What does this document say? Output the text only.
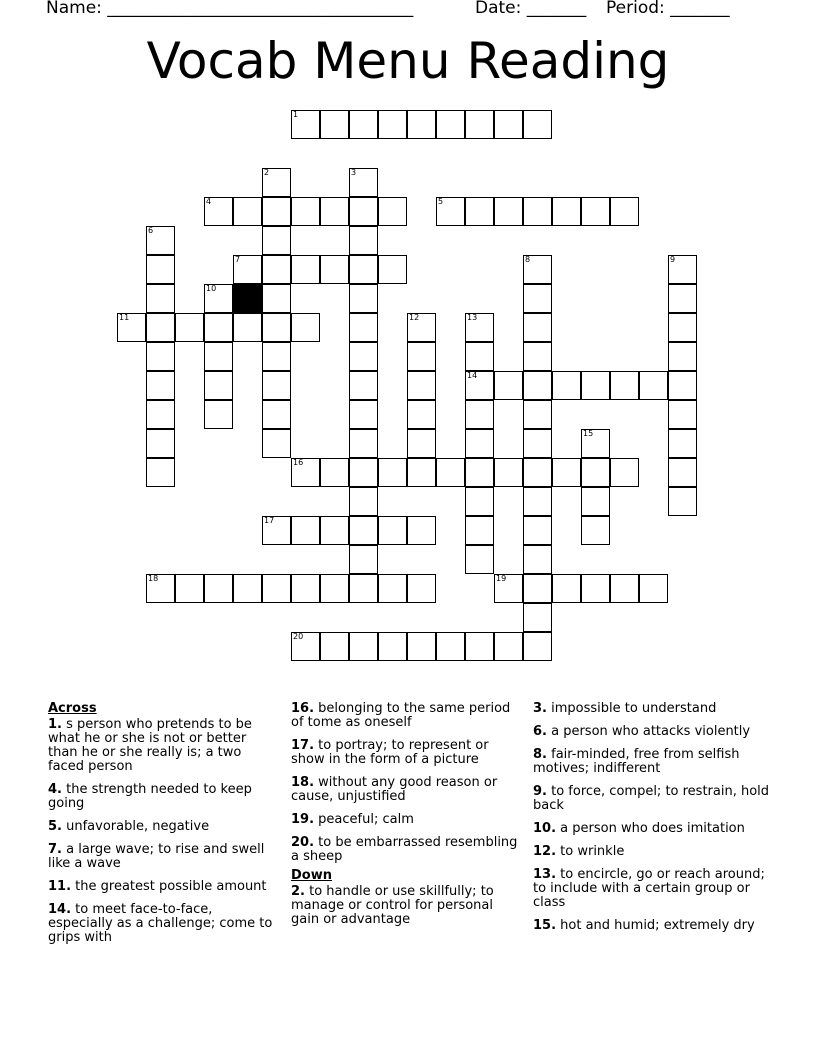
Name: ____________________________________	Date: _______ Period: _______
Vocab Menu Reading
1
2	3
4	5
6
7	8	9
10
11	12	13
14
15
16
17
18	19
20
Across
1. s person who pretends to be what he or she is not or better than he or she really is; a two faced person
4. the strength needed to keep going
5. unfavorable, negative
7. a large wave; to rise and swell like a wave
11. the greatest possible amount
14. to meet face-to-face, especially as a challenge; come to grips with
16. belonging to the same period of tome as oneself
17. to portray; to represent or show in the form of a picture
18. without any good reason or cause, unjustified
19. peaceful; calm
20. to be embarrassed resembling a sheep
Down
2. to handle or use skillfully; to manage or control for personal gain or advantage
3. impossible to understand
6. a person who attacks violently
8. fair-minded, free from selfish motives; indifferent
9. to force, compel; to restrain, hold back
10. a person who does imitation
12. to wrinkle
13. to encircle, go or reach around; to include with a certain group or class
15. hot and humid; extremely dry
